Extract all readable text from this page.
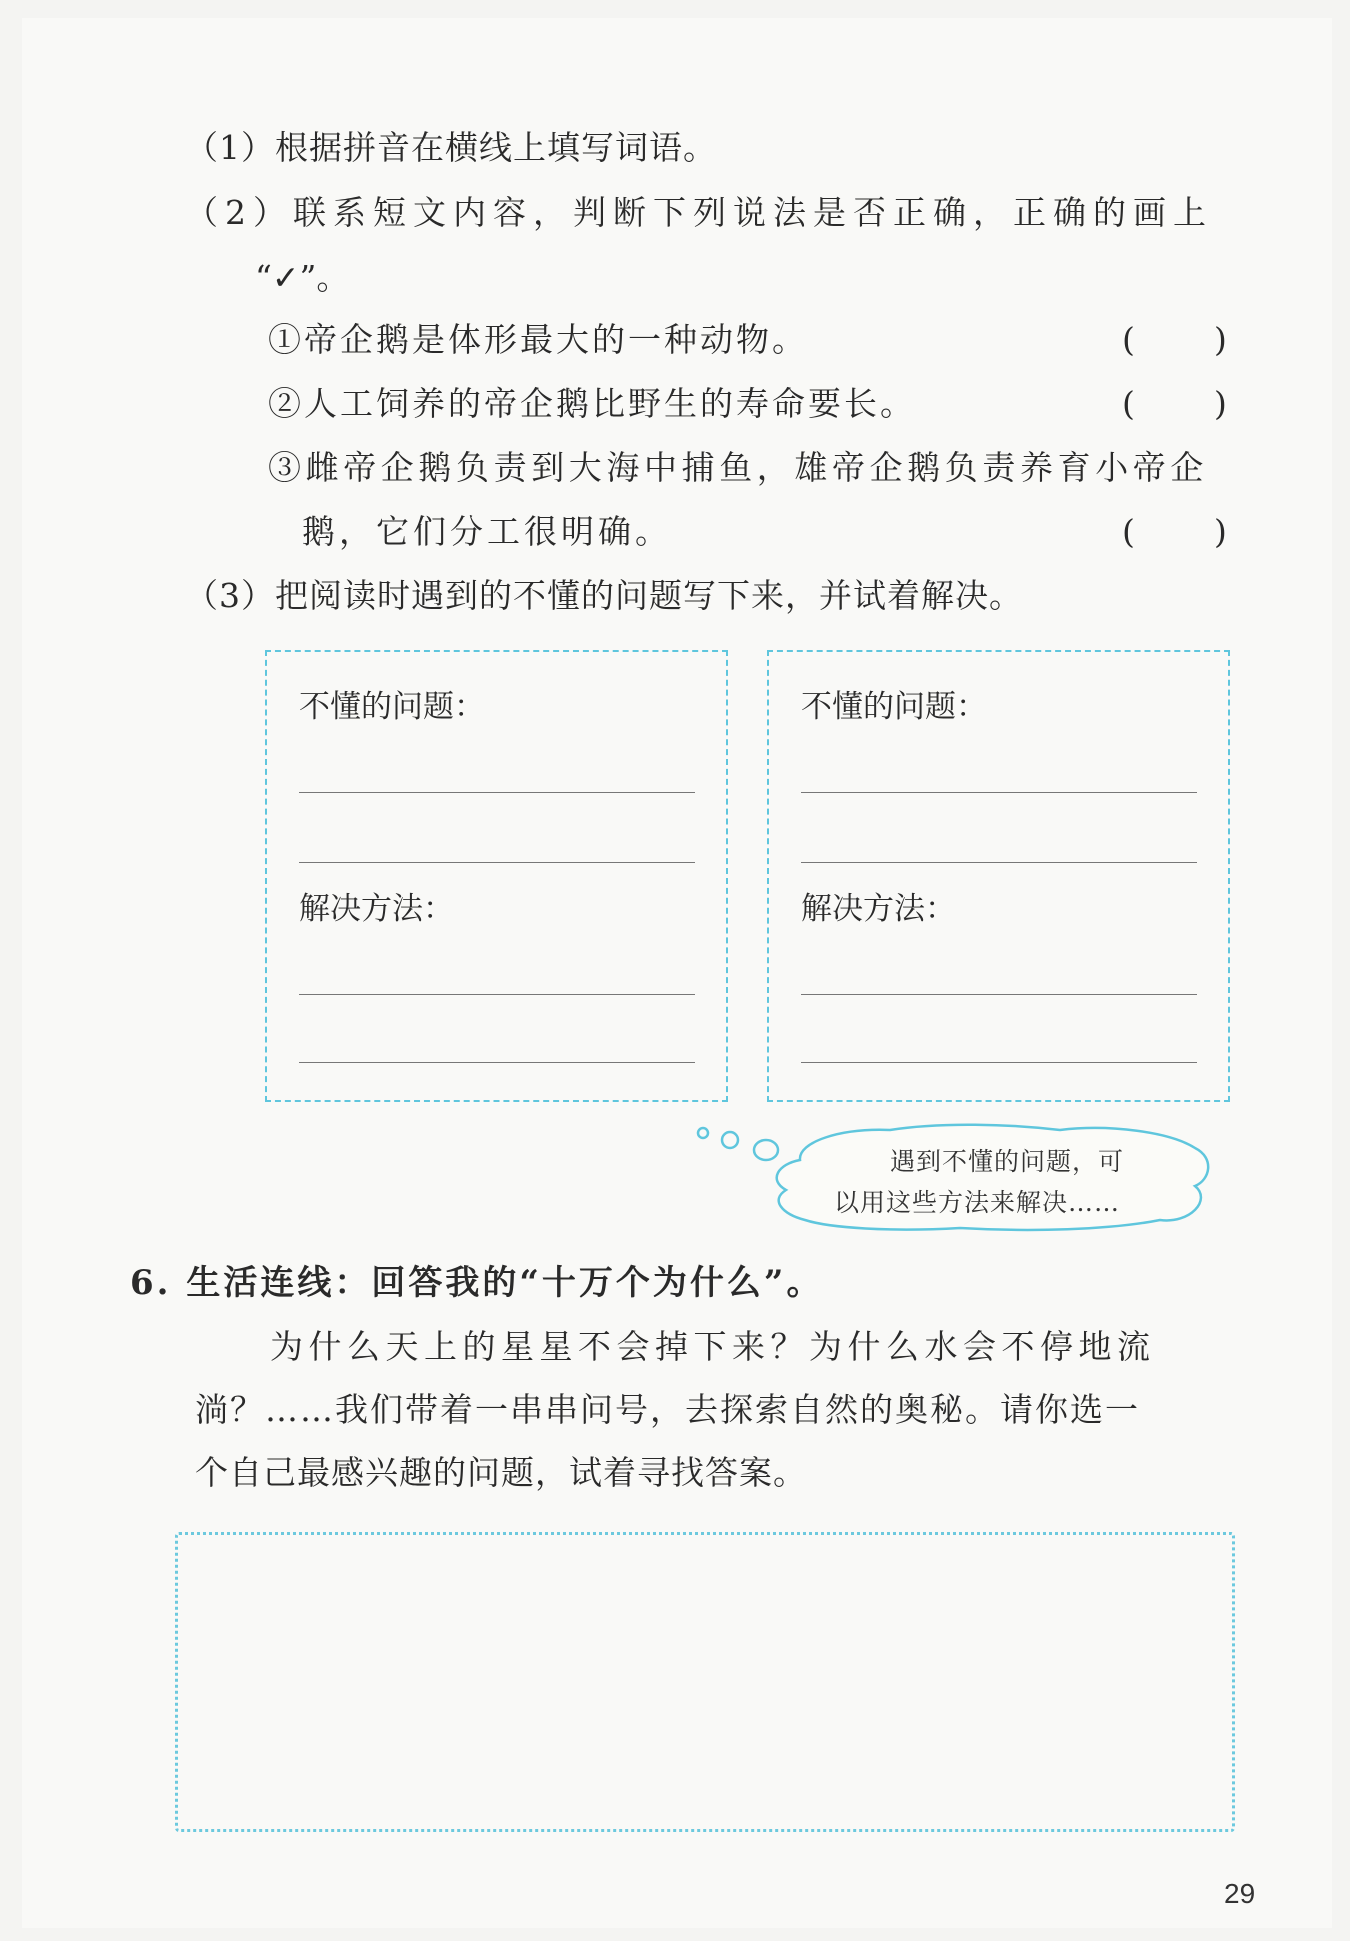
（1）根据拼音在横线上填写词语。
（2）联系短文内容，判断下列说法是否正确，正确的画上
“✓”。
①帝企鹅是体形最大的一种动物。	( )
②人工饲养的帝企鹅比野生的寿命要长。	( )
③雌帝企鹅负责到大海中捕鱼，雄帝企鹅负责养育小帝企
鹅，它们分工很明确。	( )
（3）把阅读时遇到的不懂的问题写下来，并试着解决。
不懂的问题：
解决方法：
不懂的问题：
解决方法：
遇到不懂的问题，可
以用这些方法来解决……
6. 生活连线：回答我的“十万个为什么”。
为什么天上的星星不会掉下来？为什么水会不停地流
淌？……我们带着一串串问号，去探索自然的奥秘。请你选一
个自己最感兴趣的问题，试着寻找答案。
29
